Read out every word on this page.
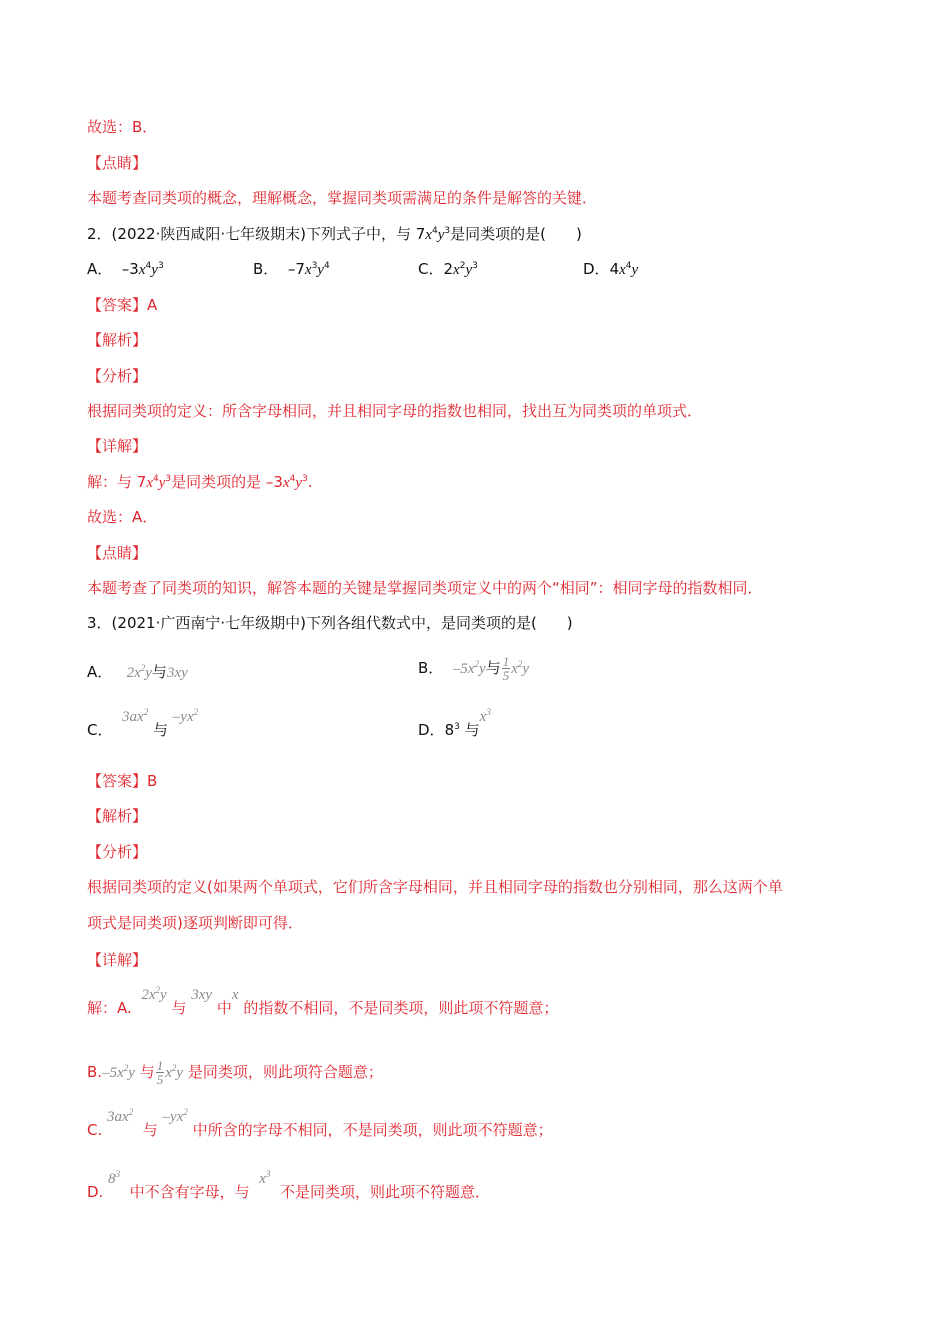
故选：B．
【点睛】
本题考查同类项的概念，理解概念，掌握同类项需满足的条件是解答的关键．
2．(2022·陕西咸阳·七年级期末)下列式子中，与 $7x^4y^3$是同类项的是(　　)
A．  $-3x^4y^3$	B．  $-7x^3y^4$	C．$2x^2y^3$	D．$4x^4y$
【答案】A
【解析】
【分析】
根据同类项的定义：所含字母相同，并且相同字母的指数也相同，找出互为同类项的单项式．
【详解】
解：与 $7x^4y^3$是同类项的是 $-3x^4y^3$.
故选：A．
【点睛】
本题考查了同类项的知识，解答本题的关键是掌握同类项定义中的两个“相同”：相同字母的指数相同．
3．(2021·广西南宁·七年级期中)下列各组代数式中，是同类项的是(　　)
A． $2x^2y$与3xy	B． $-5x^2y$与 $\frac{1}{5} x^2y$
C．  $3ax^2$ 与 $-yx^2$
D．$8^3$ 与$x^3$
【答案】B
【解析】
【分析】
根据同类项的定义(如果两个单项式，它们所含字母相同，并且相同字母的指数也分别相同，那么这两个单
项式是同类项)逐项判断即可得．
【详解】
解：A.  $2x^2y$ 与 3xy 中x 的指数不相同，不是同类项，则此项不符题意；
$B.-5x^2y$ 与 $\frac{1}{5} x^2y$ 是同类项，则此项符合题意；
C. $3ax^2$  与 $-yx^2$ 中所含的字母不相同，不是同类项，则此项不符题意；
D. $8^3$  中不含有字母，与  $x^3$  不是同类项，则此项不符题意．
